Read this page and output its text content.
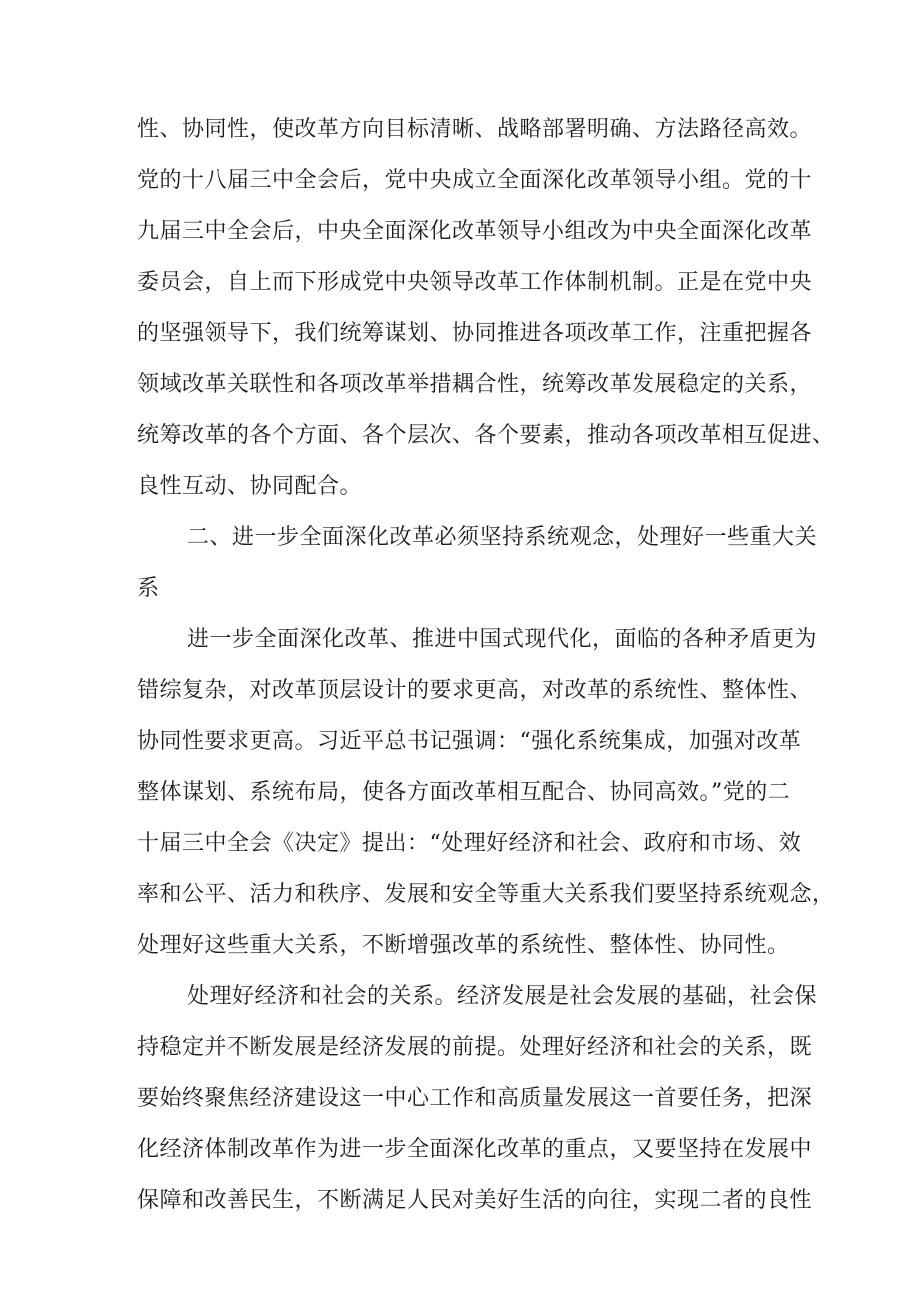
性、协同性，使改革方向目标清晰、战略部署明确、方法路径高效。
党的十八届三中全会后，党中央成立全面深化改革领导小组。党的十
九届三中全会后，中央全面深化改革领导小组改为中央全面深化改革
委员会，自上而下形成党中央领导改革工作体制机制。正是在党中央
的坚强领导下，我们统筹谋划、协同推进各项改革工作，注重把握各
领域改革关联性和各项改革举措耦合性，统筹改革发展稳定的关系，
统筹改革的各个方面、各个层次、各个要素，推动各项改革相互促进、
良性互动、协同配合。
二、进一步全面深化改革必须坚持系统观念，处理好一些重大关
系
进一步全面深化改革、推进中国式现代化，面临的各种矛盾更为
错综复杂，对改革顶层设计的要求更高，对改革的系统性、整体性、
协同性要求更高。习近平总书记强调：“强化系统集成，加强对改革
整体谋划、系统布局，使各方面改革相互配合、协同高效。”党的二
十届三中全会《决定》提出：“处理好经济和社会、政府和市场、效
率和公平、活力和秩序、发展和安全等重大关系我们要坚持系统观念，
处理好这些重大关系，不断增强改革的系统性、整体性、协同性。
处理好经济和社会的关系。经济发展是社会发展的基础，社会保
持稳定并不断发展是经济发展的前提。处理好经济和社会的关系，既
要始终聚焦经济建设这一中心工作和高质量发展这一首要任务，把深
化经济体制改革作为进一步全面深化改革的重点，又要坚持在发展中
保障和改善民生，不断满足人民对美好生活的向往，实现二者的良性
